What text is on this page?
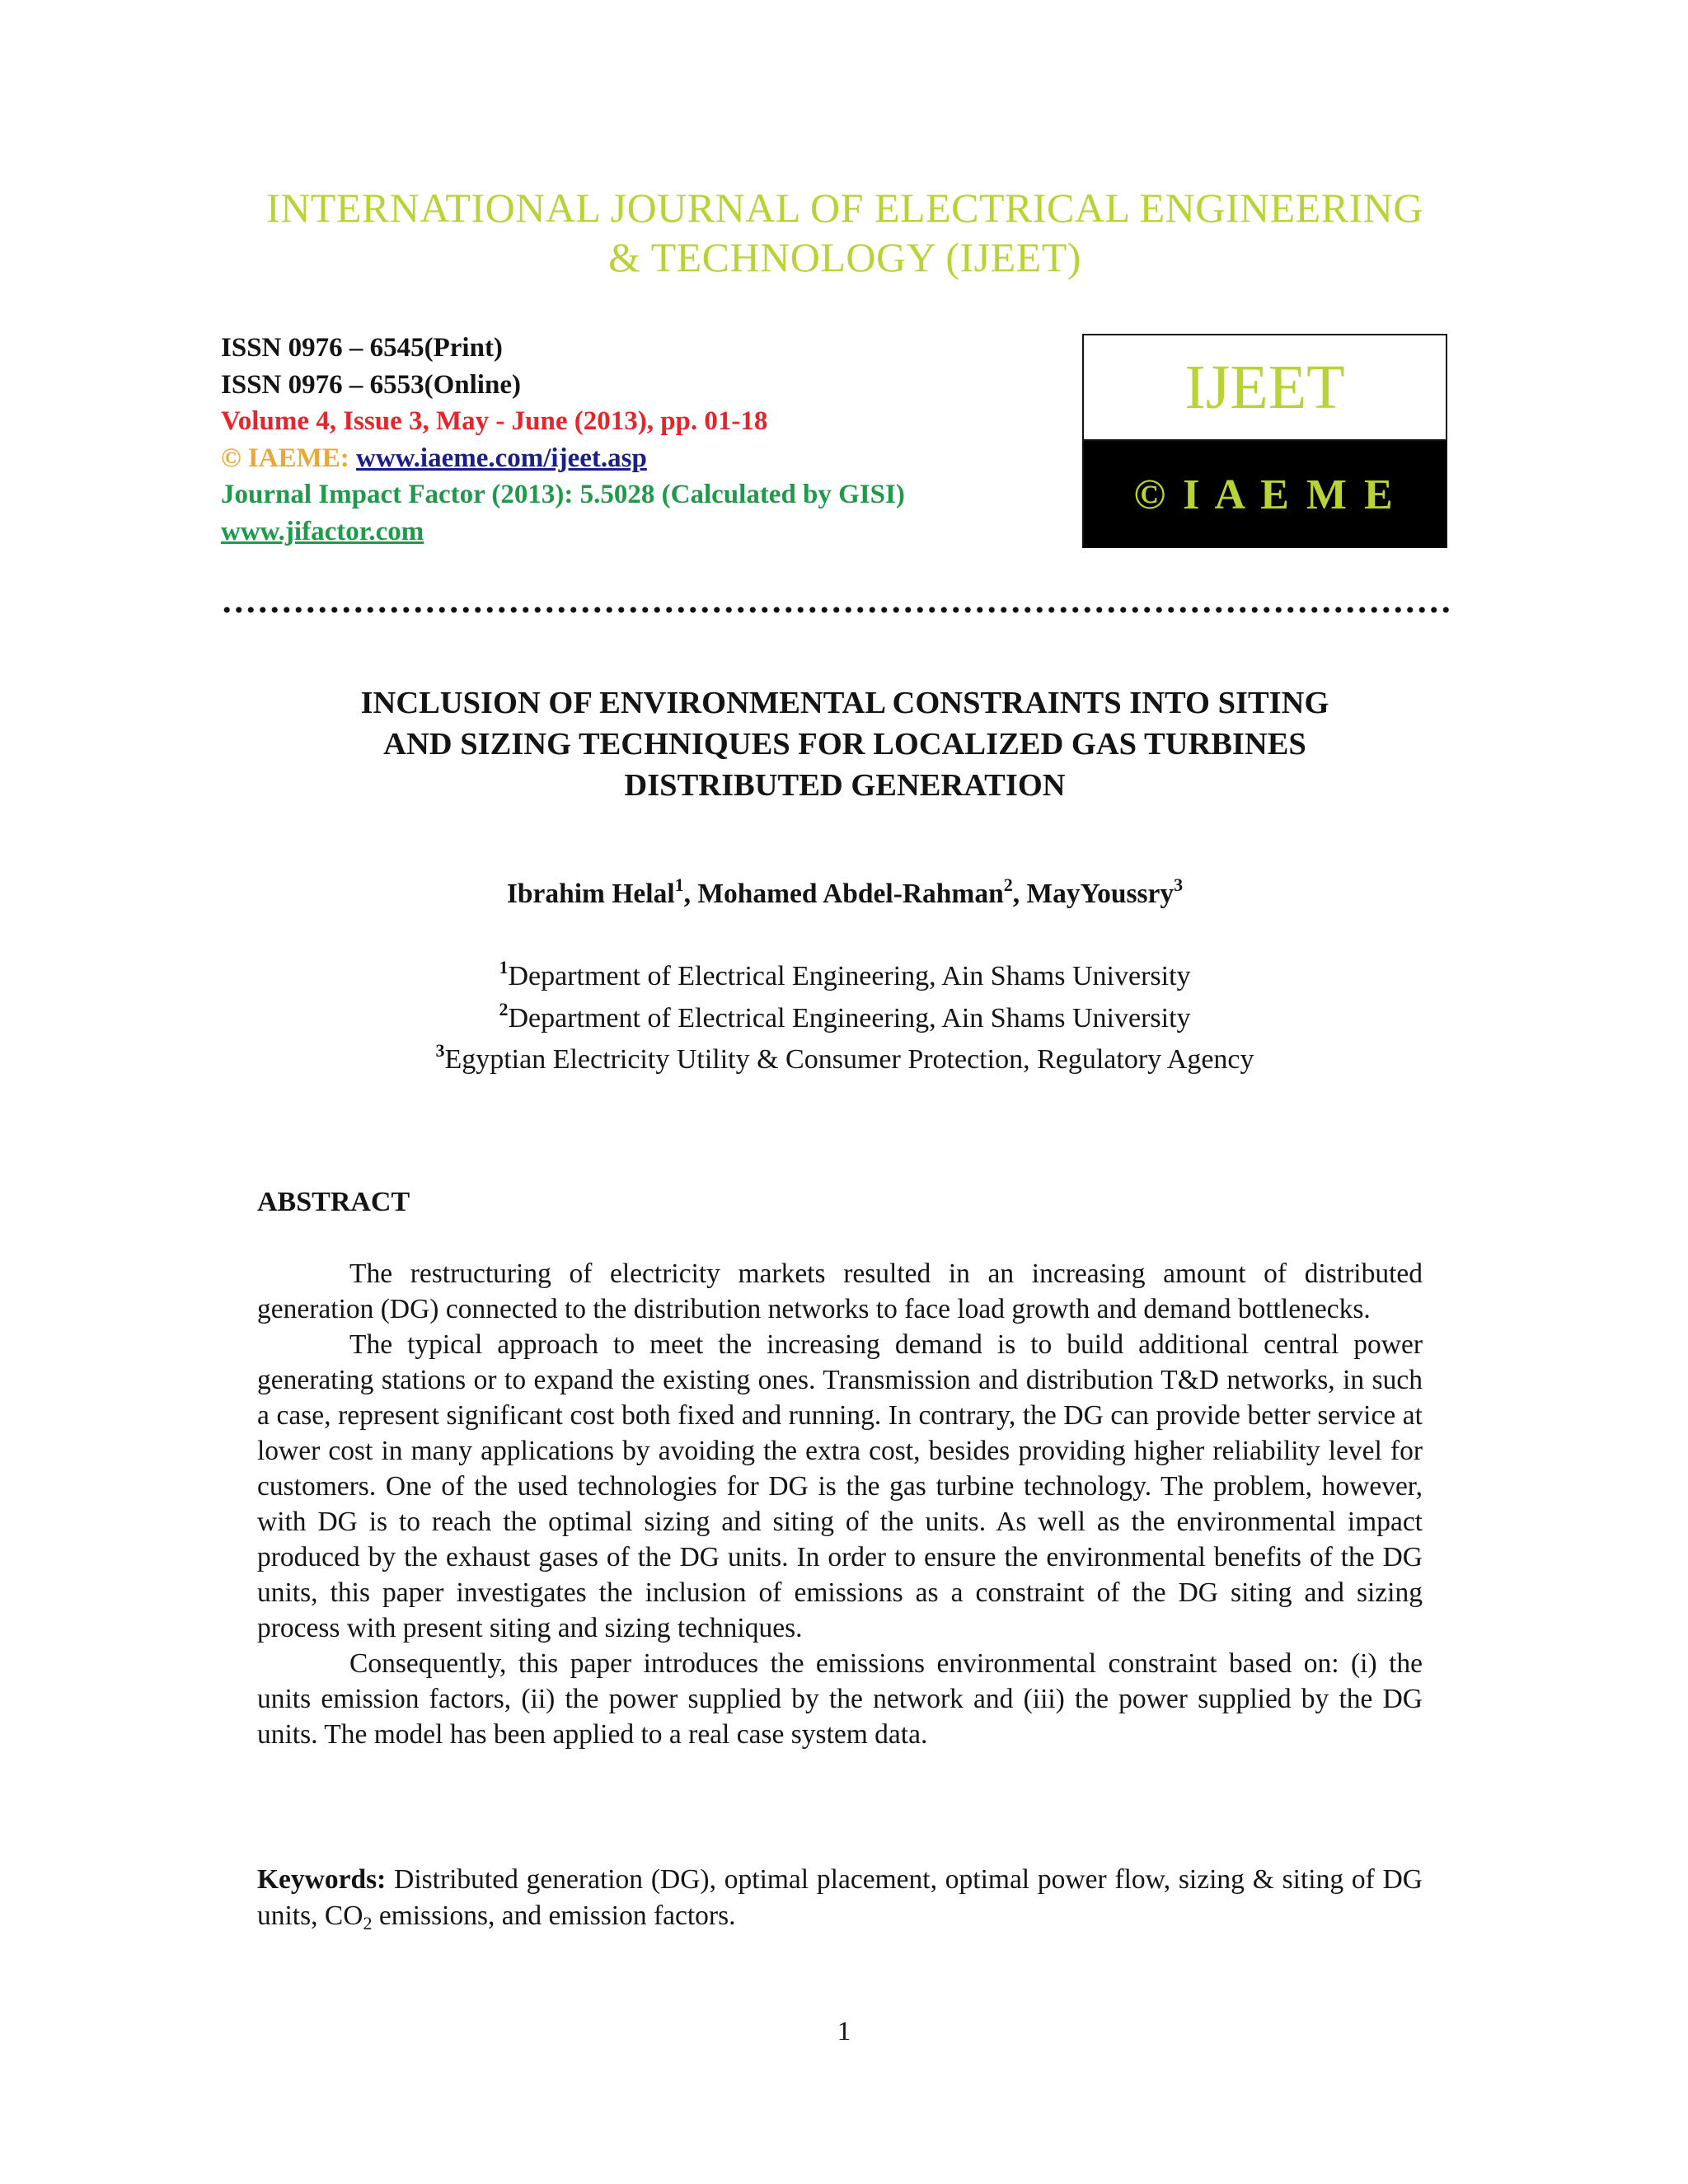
INTERNATIONAL JOURNAL OF ELECTRICAL ENGINEERING
& TECHNOLOGY (IJEET)
ISSN 0976 – 6545(Print)
ISSN 0976 – 6553(Online)
Volume 4, Issue 3, May - June (2013), pp. 01-18
© IAEME: www.iaeme.com/ijeet.asp
Journal Impact Factor (2013): 5.5028 (Calculated by GISI)
www.jifactor.com
IJEET
© I A E M E
INCLUSION OF ENVIRONMENTAL CONSTRAINTS INTO SITING
AND SIZING TECHNIQUES FOR LOCALIZED GAS TURBINES
DISTRIBUTED GENERATION
Ibrahim Helal$^1$, Mohamed Abdel-Rahman$^2$, MayYoussry$^3$
$^1$Department of Electrical Engineering, Ain Shams University
$^2$Department of Electrical Engineering, Ain Shams University
$^3$Egyptian Electricity Utility & Consumer Protection, Regulatory Agency
ABSTRACT

The restructuring of electricity markets resulted in an increasing amount of distributed generation (DG) connected to the distribution networks to face load growth and demand bottlenecks.

The typical approach to meet the increasing demand is to build additional central power generating stations or to expand the existing ones. Transmission and distribution T&D networks, in such a case, represent significant cost both fixed and running. In contrary, the DG can provide better service at lower cost in many applications by avoiding the extra cost, besides providing higher reliability level for customers. One of the used technologies for DG is the gas turbine technology. The problem, however, with DG is to reach the optimal sizing and siting of the units. As well as the environmental impact produced by the exhaust gases of the DG units. In order to ensure the environmental benefits of the DG units, this paper investigates the inclusion of emissions as a constraint of the DG siting and sizing process with present siting and sizing techniques.

Consequently, this paper introduces the emissions environmental constraint based on: (i) the units emission factors, (ii) the power supplied by the network and (iii) the power supplied by the DG units. The model has been applied to a real case system data.

Keywords: Distributed generation (DG), optimal placement, optimal power flow, sizing & siting of DG units, $CO_2$ emissions, and emission factors.
1
